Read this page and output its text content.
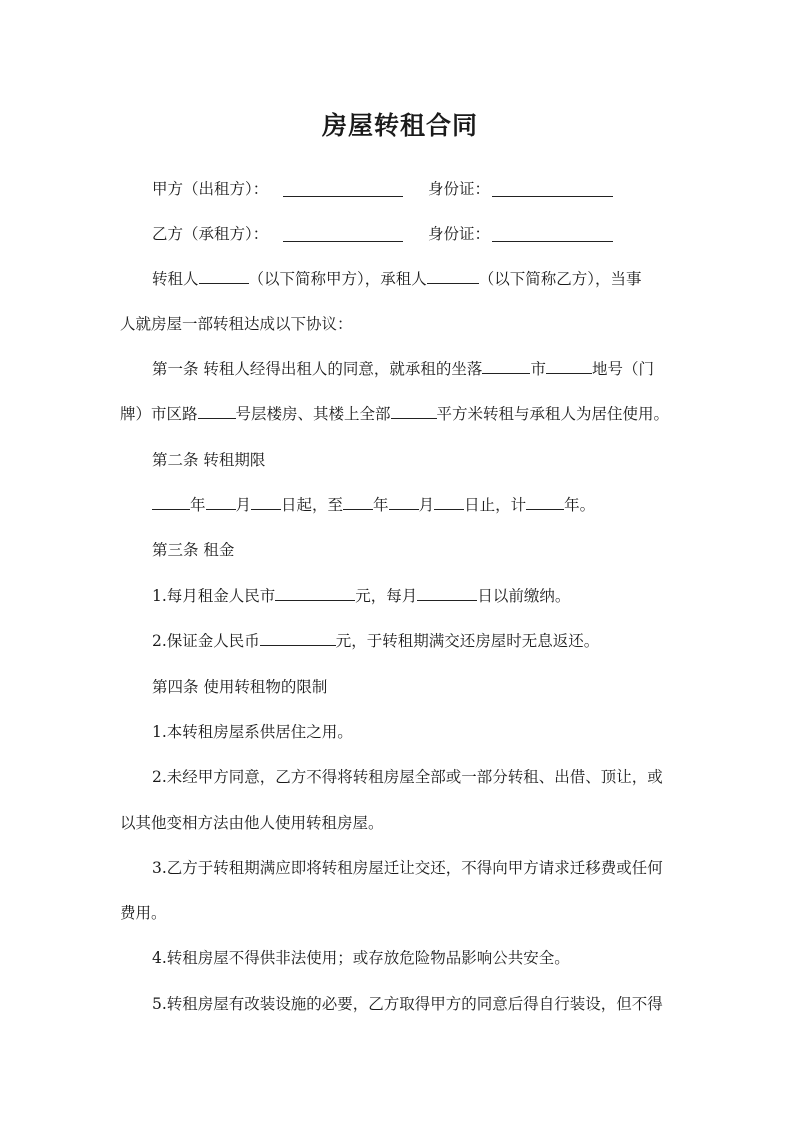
房屋转租合同
甲方（出租方）：	身份证：
乙方（承租方）：	身份证：
转租人	（以下简称甲方），承租人	（以下简称乙方），当事
人就房屋一部转租达成以下协议：
第一条 转租人经得出租人的同意，就承租的坐落	市	地号（门
牌）市区路 号层楼房、其楼上全部	平方米转租与承租人为居住使用。
第二条 转租期限
年 月 日起，至 年 月 日止，计 年。
第三条 租金
1.每月租金人民市	元，每月	日以前缴纳。
2.保证金人民币	元，于转租期满交还房屋时无息返还。
第四条 使用转租物的限制
1.本转租房屋系供居住之用。
2.未经甲方同意，乙方不得将转租房屋全部或一部分转租、出借、顶让，或
以其他变相方法由他人使用转租房屋。
3.乙方于转租期满应即将转租房屋迁让交还，不得向甲方请求迁移费或任何
费用。
4.转租房屋不得供非法使用；或存放危险物品影响公共安全。
5.转租房屋有改装设施的必要，乙方取得甲方的同意后得自行装设，但不得
